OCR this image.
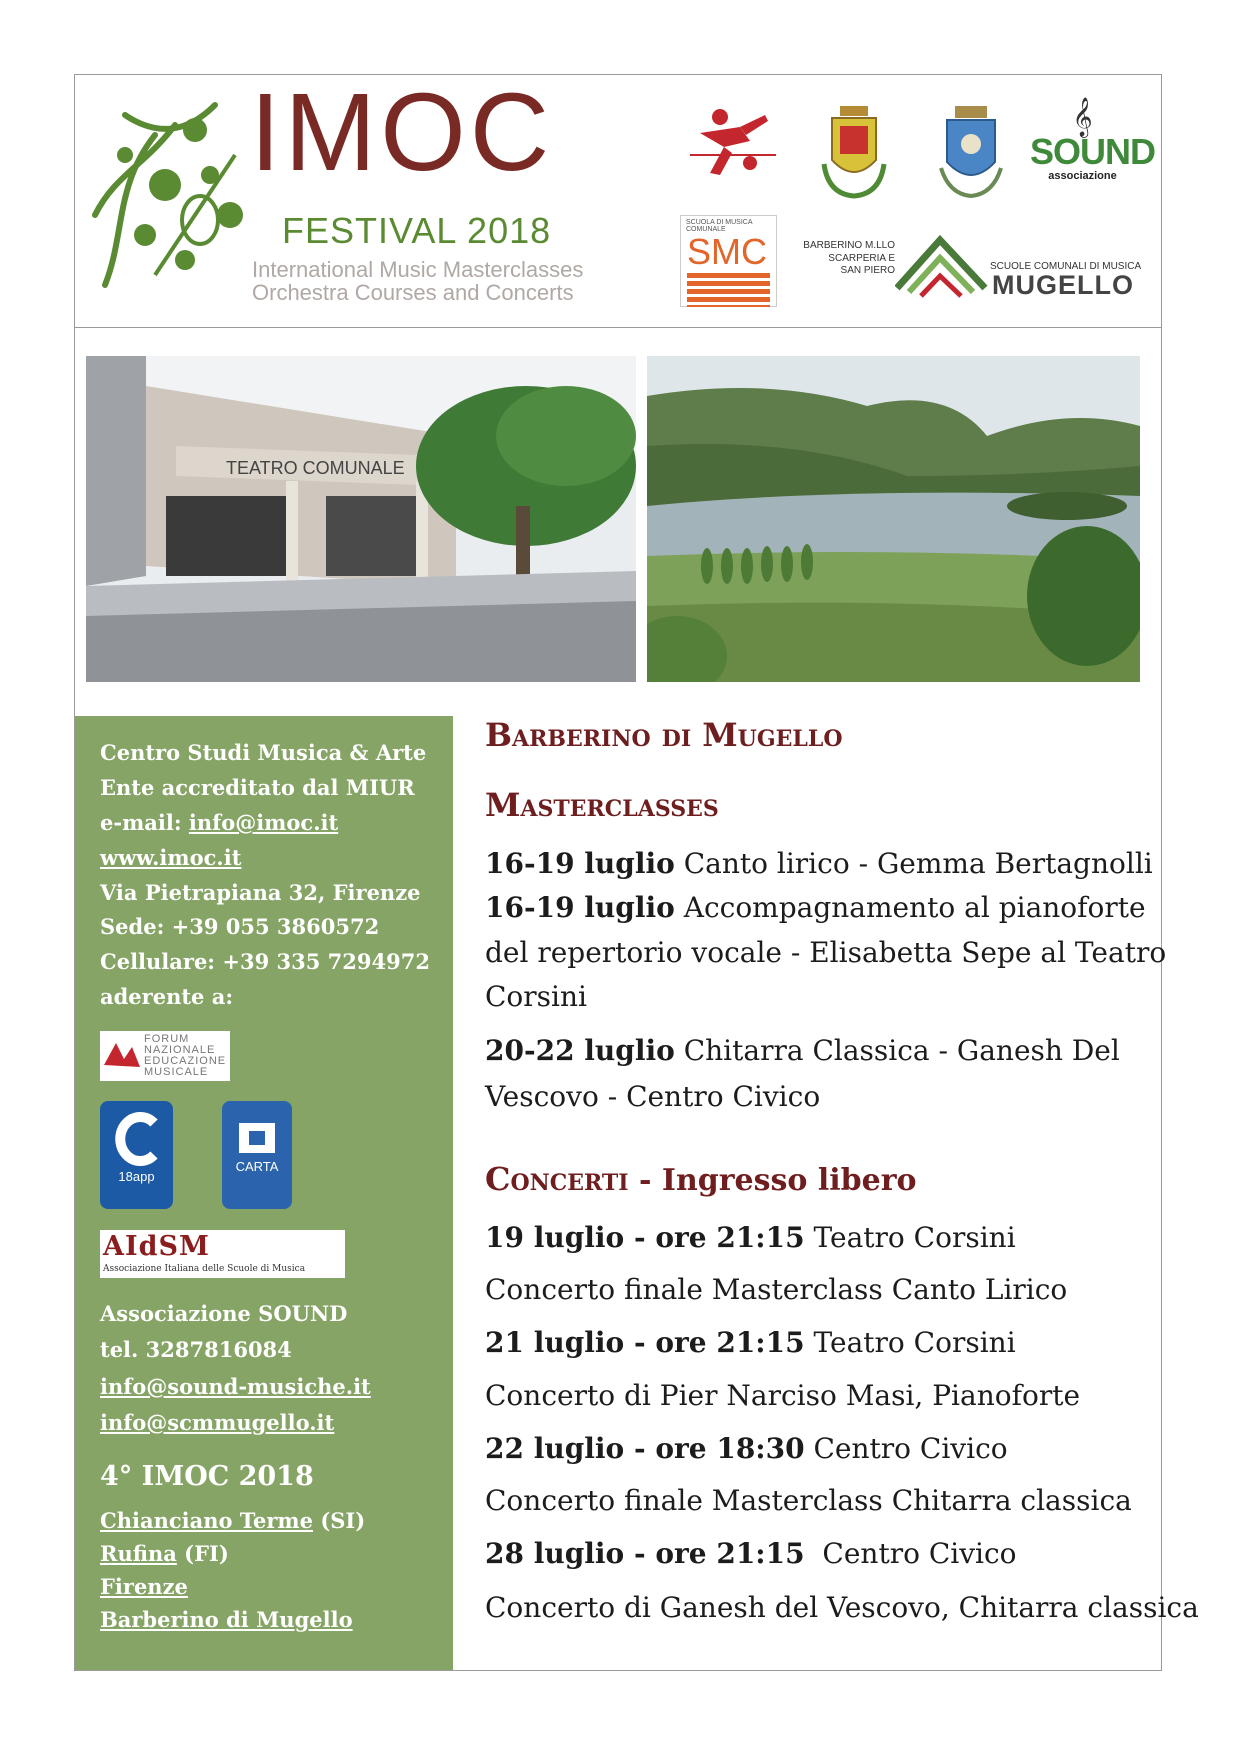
IMOC
FESTIVAL 2018
International Music Masterclasses
Orchestra Courses and Concerts
𝄞
SOUND
associazione
SCUOLA DI MUSICA COMUNALE
SMC	BARBERINO M.LLO
SCARPERIA E
SAN PIERO	SCUOLE COMUNALI DI MUSICA
MUGELLO
TEATRO COMUNALE
Centro Studi Musica & Arte
Ente accreditato dal MIUR
e-mail: info@imoc.it
www.imoc.it
Via Pietrapiana 32, Firenze
Sede: +39 055 3860572
Cellulare: +39 335 7294972
aderente a:
FORUM
NAZIONALE
EDUCAZIONE
MUSICALE
18app
CARTA
AIdSM
Associazione Italiana delle Scuole di Musica
Associazione SOUND
tel. 3287816084
info@sound-musiche.it
info@scmmugello.it
4° IMOC 2018
Chianciano Terme (SI)
Rufina (FI)
Firenze
Barberino di Mugello
Barberino di Mugello
Masterclasses
16-19 luglio Canto lirico - Gemma Bertagnolli
16-19 luglio Accompagnamento al pianoforte
del repertorio vocale - Elisabetta Sepe al Teatro
Corsini
20-22 luglio Chitarra Classica - Ganesh Del
Vescovo - Centro Civico
Concerti - Ingresso libero
19 luglio - ore 21:15 Teatro Corsini
Concerto finale Masterclass Canto Lirico
21 luglio - ore 21:15 Teatro Corsini
Concerto di Pier Narciso Masi, Pianoforte
22 luglio - ore 18:30 Centro Civico
Concerto finale Masterclass Chitarra classica
28 luglio - ore 21:15  Centro Civico
Concerto di Ganesh del Vescovo, Chitarra classica
